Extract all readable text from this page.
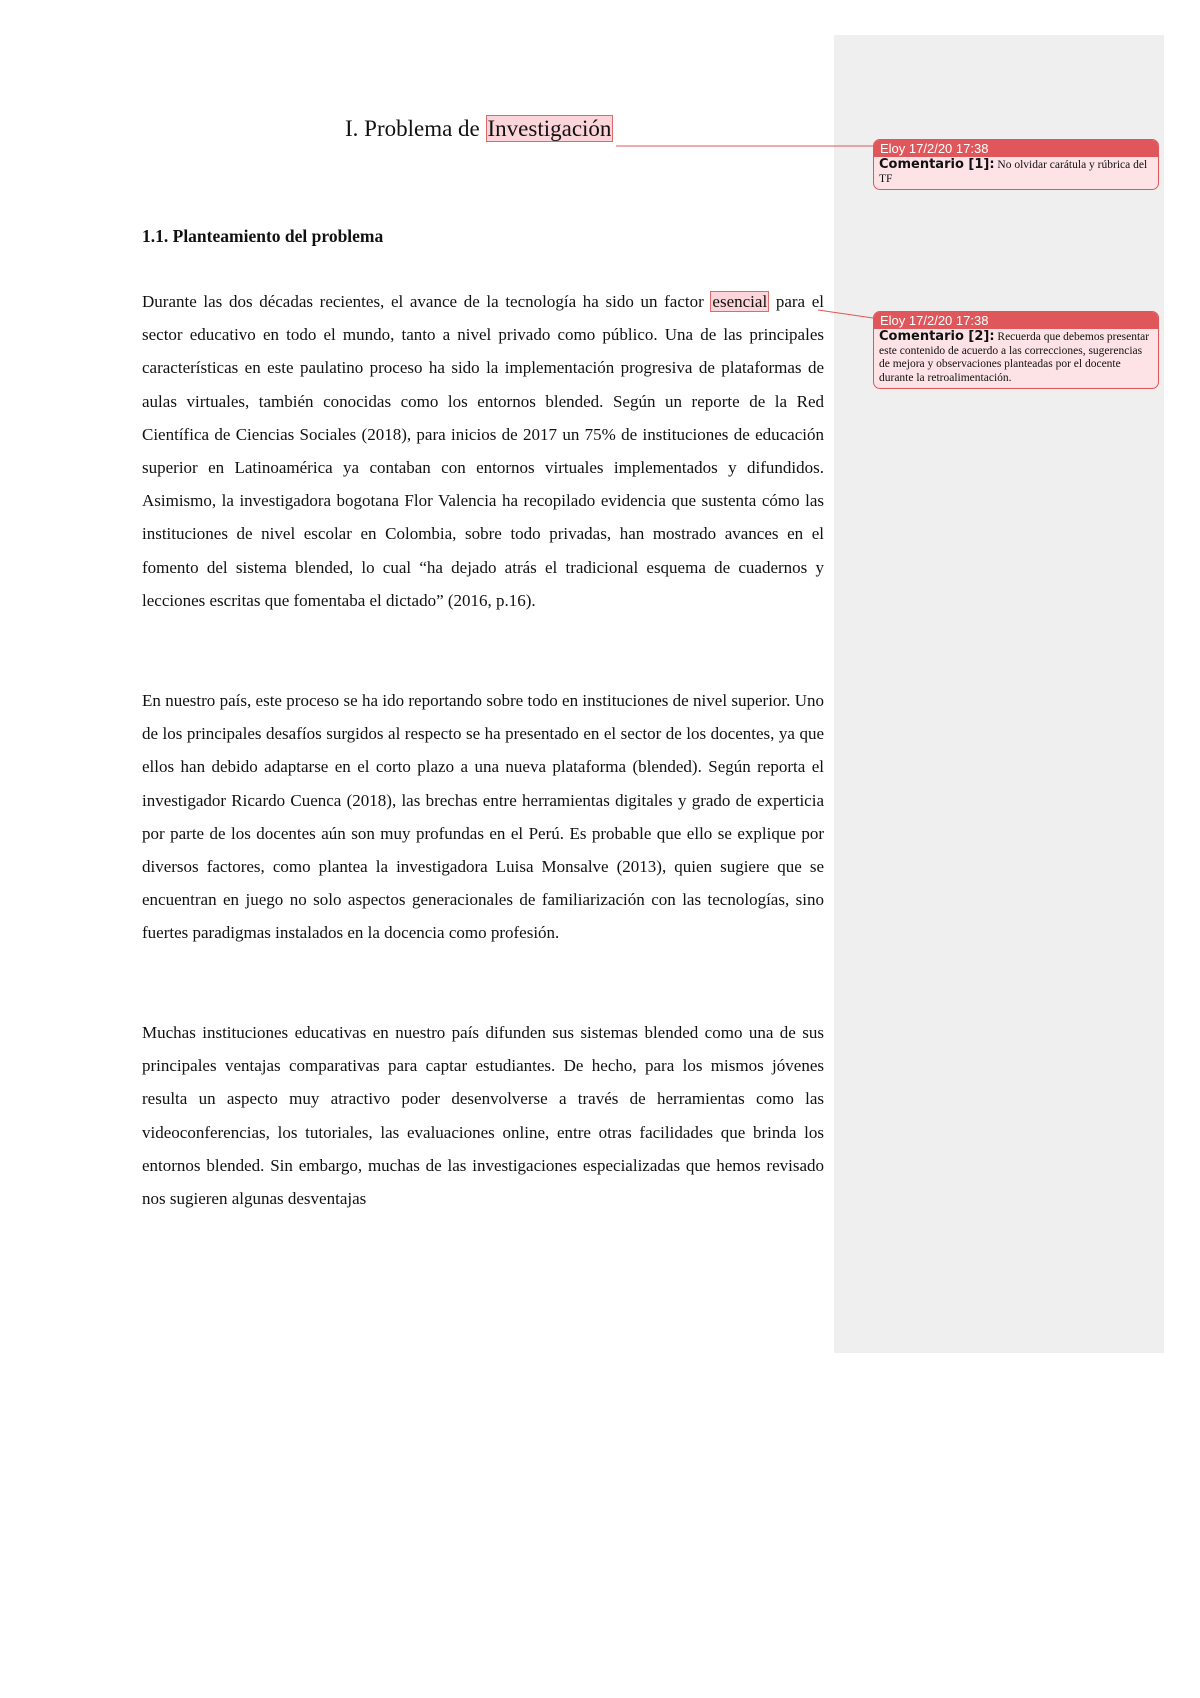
I. Problema de Investigación
1.1. Planteamiento del problema

Durante las dos décadas recientes, el avance de la tecnología ha sido un factor esencial para el sector educativo en todo el mundo, tanto a nivel privado como público. Una de las principales características en este paulatino proceso ha sido la implementación progresiva de plataformas de aulas virtuales, también conocidas como los entornos blended. Según un reporte de la Red Científica de Ciencias Sociales (2018), para inicios de 2017 un 75% de instituciones de educación superior en Latinoamérica ya contaban con entornos virtuales implementados y difundidos. Asimismo, la investigadora bogotana Flor Valencia ha recopilado evidencia que sustenta cómo las instituciones de nivel escolar en Colombia, sobre todo privadas, han mostrado avances en el fomento del sistema blended, lo cual “ha dejado atrás el tradicional esquema de cuadernos y lecciones escritas que fomentaba el dictado” (2016, p.16).

En nuestro país, este proceso se ha ido reportando sobre todo en instituciones de nivel superior. Uno de los principales desafíos surgidos al respecto se ha presentado en el sector de los docentes, ya que ellos han debido adaptarse en el corto plazo a una nueva plataforma (blended). Según reporta el investigador Ricardo Cuenca (2018), las brechas entre herramientas digitales y grado de experticia por parte de los docentes aún son muy profundas en el Perú. Es probable que ello se explique por diversos factores, como plantea la investigadora Luisa Monsalve (2013), quien sugiere que se encuentran en juego no solo aspectos generacionales de familiarización con las tecnologías, sino fuertes paradigmas instalados en la docencia como profesión.

Muchas instituciones educativas en nuestro país difunden sus sistemas blended como una de sus principales ventajas comparativas para captar estudiantes. De hecho, para los mismos jóvenes resulta un aspecto muy atractivo poder desenvolverse a través de herramientas como las videoconferencias, los tutoriales, las evaluaciones online, entre otras facilidades que brinda los entornos blended. Sin embargo, muchas de las investigaciones especializadas que hemos revisado nos sugieren algunas desventajas

Eloy 17/2/20 17:38
Comentario [1]: No olvidar carátula y rúbrica del TF
Eloy 17/2/20 17:38
Comentario [2]: Recuerda que debemos presentar este contenido de acuerdo a las correcciones, sugerencias de mejora y observaciones planteadas por el docente durante la retroalimentación.
